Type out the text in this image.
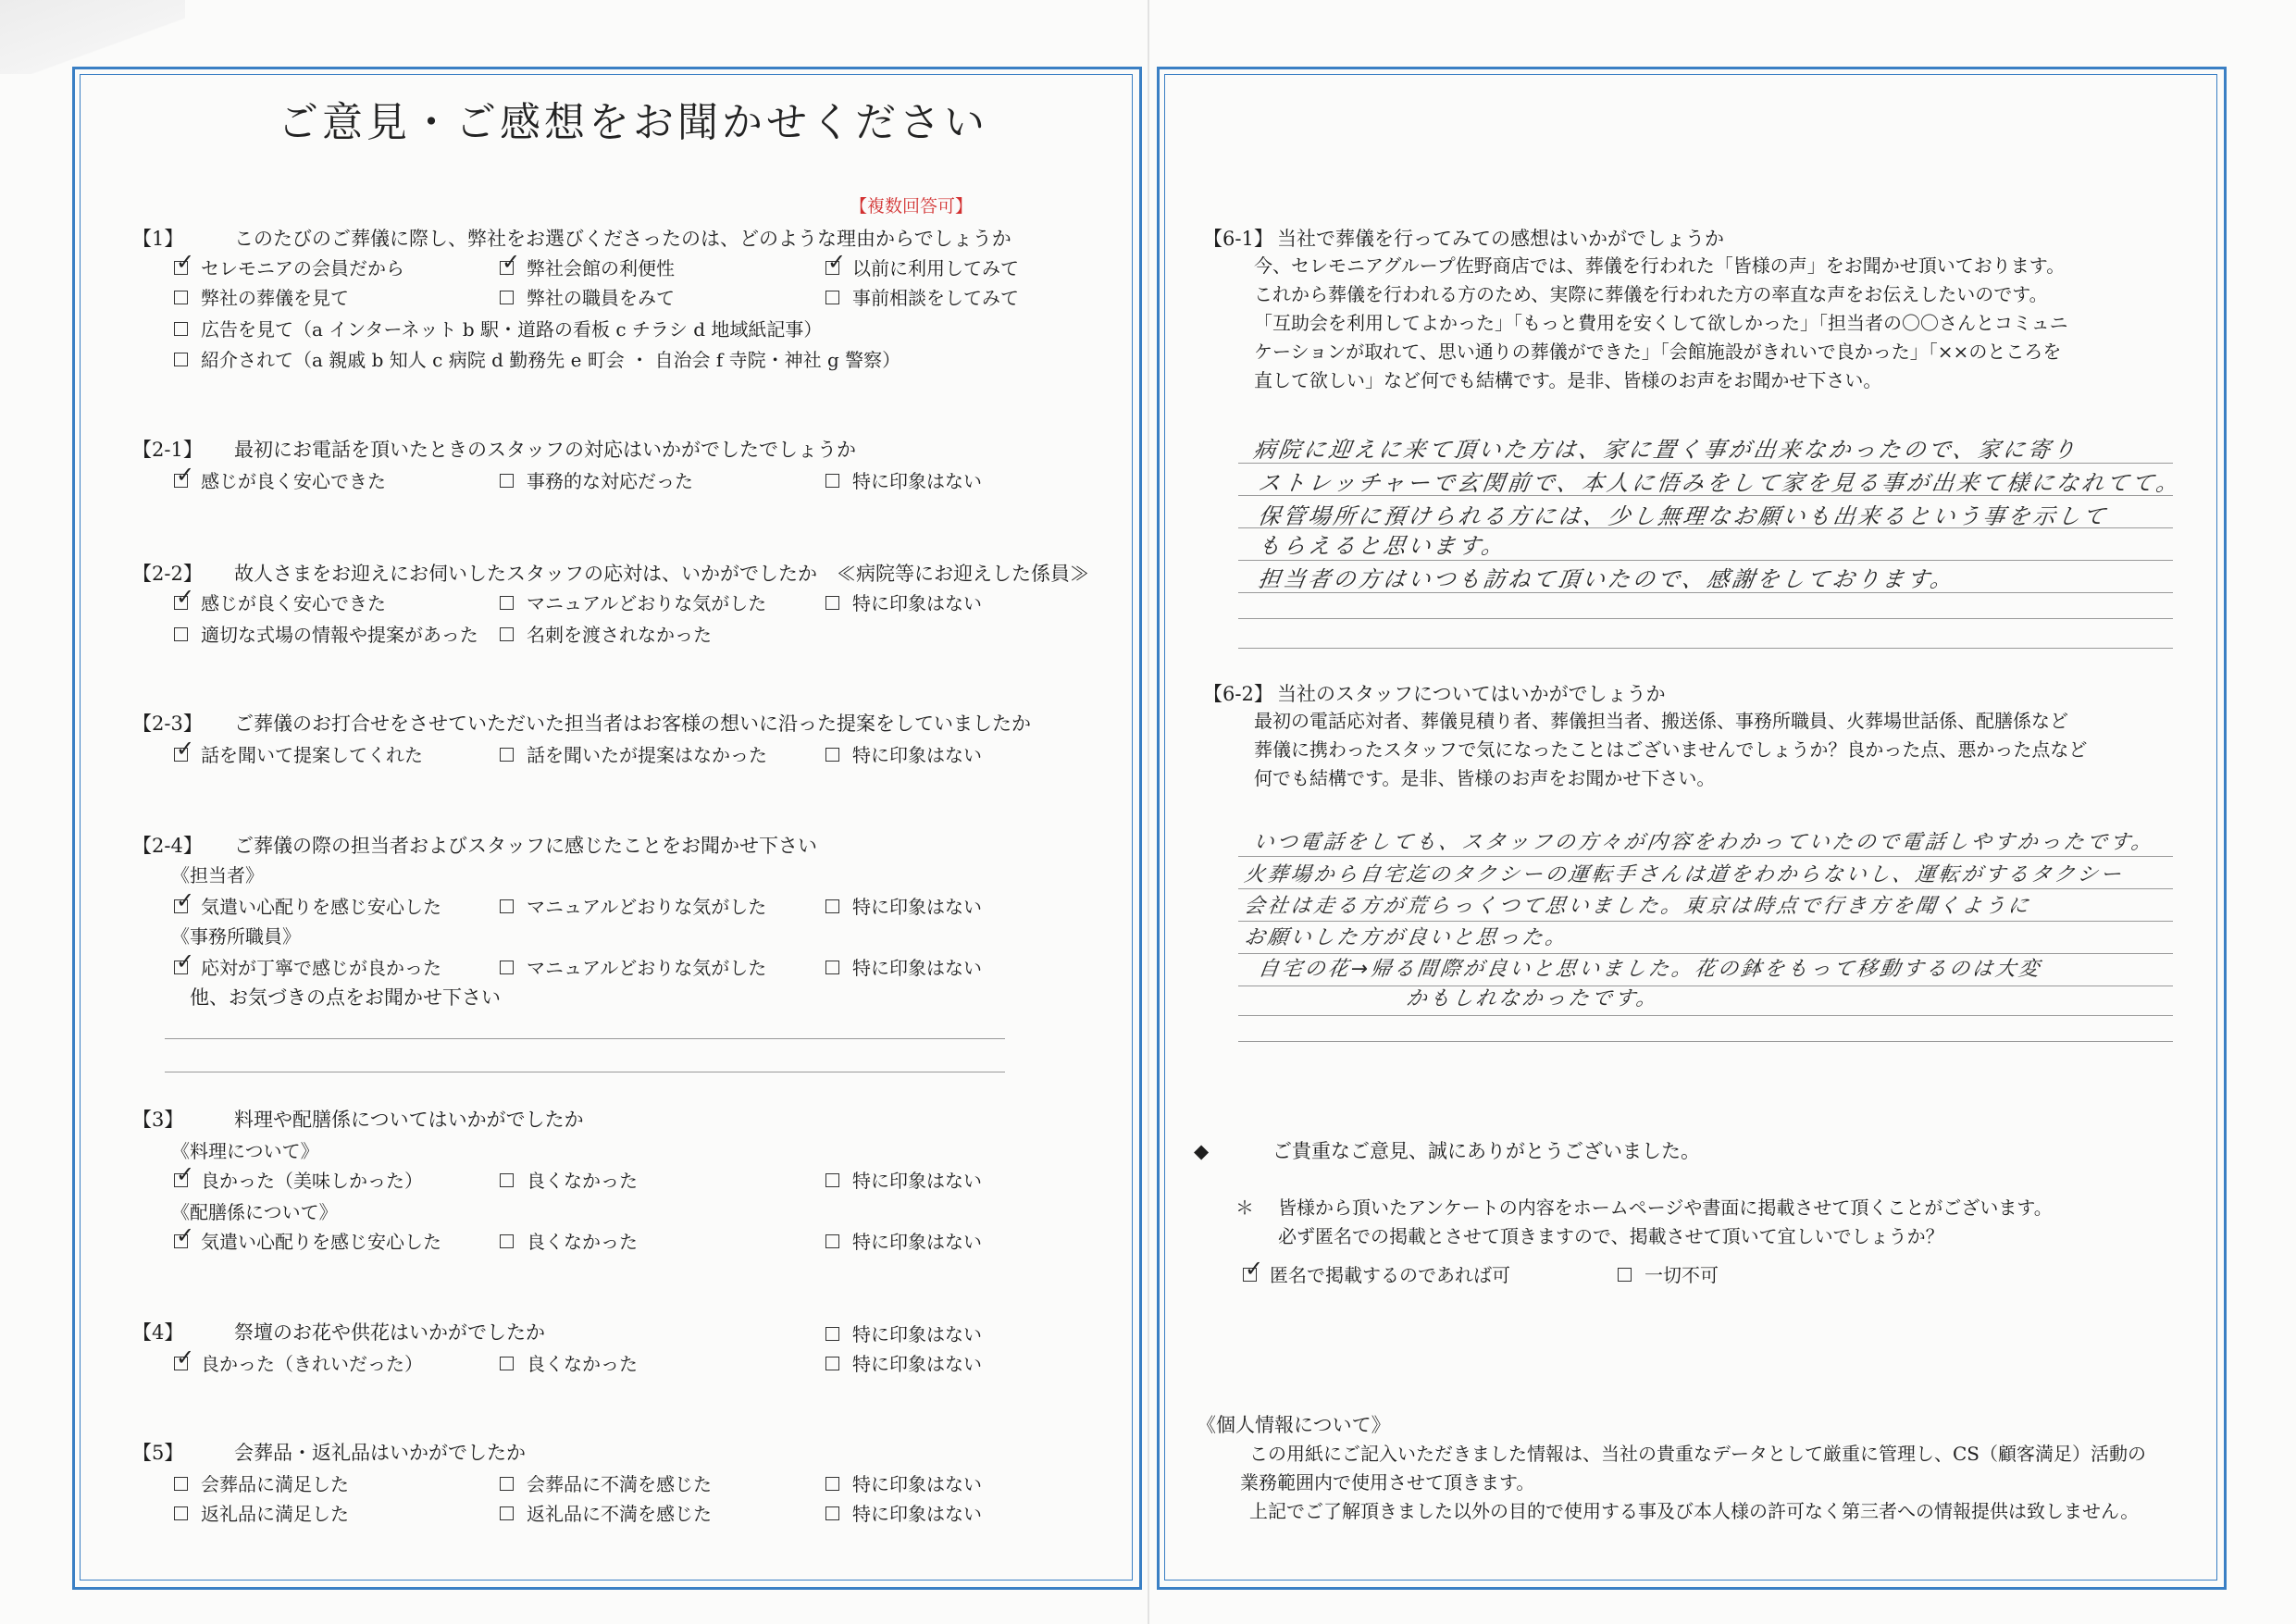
ご意見・ご感想をお聞かせください
【複数回答可】
【1】	このたびのご葬儀に際し、弊社をお選びくださったのは、どのような理由からでしょうか
✓セレモニアの会員だから ✓	弊社会館の利便性 ✓	以前に利用してみて
弊社の葬儀を見て	弊社の職員をみて	事前相談をしてみて
広告を見て（a インターネット b 駅・道路の看板 c チラシ d 地域紙記事）
紹介されて（a 親戚 b 知人 c 病院 d 勤務先 e 町会 ・ 自治会 f 寺院・神社 g 警察）
【2-1】 最初にお電話を頂いたときのスタッフの対応はいかがでしたでしょうか
✓感じが良く安心できた	事務的な対応だった	特に印象はない
【2-2】 故人さまをお迎えにお伺いしたスタッフの応対は、いかがでしたか　≪病院等にお迎えした係員≫
✓感じが良く安心できた	マニュアルどおりな気がした	特に印象はない
適切な式場の情報や提案があった	名刺を渡されなかった
【2-3】 ご葬儀のお打合せをさせていただいた担当者はお客様の想いに沿った提案をしていましたか
✓話を聞いて提案してくれた	話を聞いたが提案はなかった	特に印象はない
【2-4】 ご葬儀の際の担当者およびスタッフに感じたことをお聞かせ下さい
《担当者》
✓気遣い心配りを感じ安心した	マニュアルどおりな気がした	特に印象はない
《事務所職員》
✓応対が丁寧で感じが良かった	マニュアルどおりな気がした	特に印象はない
他、お気づきの点をお聞かせ下さい
【3】	料理や配膳係についてはいかがでしたか
《料理について》
✓良かった（美味しかった）	良くなかった	特に印象はない
《配膳係について》
✓気遣い心配りを感じ安心した	良くなかった	特に印象はない
【4】	祭壇のお花や供花はいかがでしたか	特に印象はない
✓良かった（きれいだった）	良くなかった	特に印象はない
【5】	会葬品・返礼品はいかがでしたか
会葬品に満足した	会葬品に不満を感じた	特に印象はない
返礼品に満足した	返礼品に不満を感じた	特に印象はない
【6-1】 当社で葬儀を行ってみての感想はいかがでしょうか
今、セレモニアグループ佐野商店では、葬儀を行われた「皆様の声」をお聞かせ頂いております。
これから葬儀を行われる方のため、実際に葬儀を行われた方の率直な声をお伝えしたいのです。
「互助会を利用してよかった」「もっと費用を安くして欲しかった」「担当者の〇〇さんとコミュニ
ケーションが取れて、思い通りの葬儀ができた」「会館施設がきれいで良かった」「××のところを
直して欲しい」など何でも結構です。是非、皆様のお声をお聞かせ下さい。
病院に迎えに来て頂いた方は、家に置く事が出来なかったので、家に寄り
ストレッチャーで玄関前で、本人に悟みをして家を見る事が出来て様になれてて。
保管場所に預けられる方には、少し無理なお願いも出来るという事を示して
もらえると思います。
担当者の方はいつも訪ねて頂いたので、感謝をしております。
【6-2】 当社のスタッフについてはいかがでしょうか
最初の電話応対者、葬儀見積り者、葬儀担当者、搬送係、事務所職員、火葬場世話係、配膳係など
葬儀に携わったスタッフで気になったことはございませんでしょうか？良かった点、悪かった点など
何でも結構です。是非、皆様のお声をお聞かせ下さい。
いつ電話をしても、スタッフの方々が内容をわかっていたので電話しやすかったです。
火葬場から自宅迄のタクシーの運転手さんは道をわからないし、運転がするタクシー
会社は走る方が荒らっくつて思いました。東京は時点で行き方を聞くように
お願いした方が良いと思った。
自宅の花→帰る間際が良いと思いました。花の鉢をもって移動するのは大変
かもしれなかったです。
◆	ご貴重なご意見、誠にありがとうございました。
＊ 皆様から頂いたアンケートの内容をホームページや書面に掲載させて頂くことがございます。
必ず匿名での掲載とさせて頂きますので、掲載させて頂いて宜しいでしょうか？
✓匿名で掲載するのであれば可	一切不可
《個人情報について》
この用紙にご記入いただきました情報は、当社の貴重なデータとして厳重に管理し、CS（顧客満足）活動の
業務範囲内で使用させて頂きます。
上記でご了解頂きました以外の目的で使用する事及び本人様の許可なく第三者への情報提供は致しません。
